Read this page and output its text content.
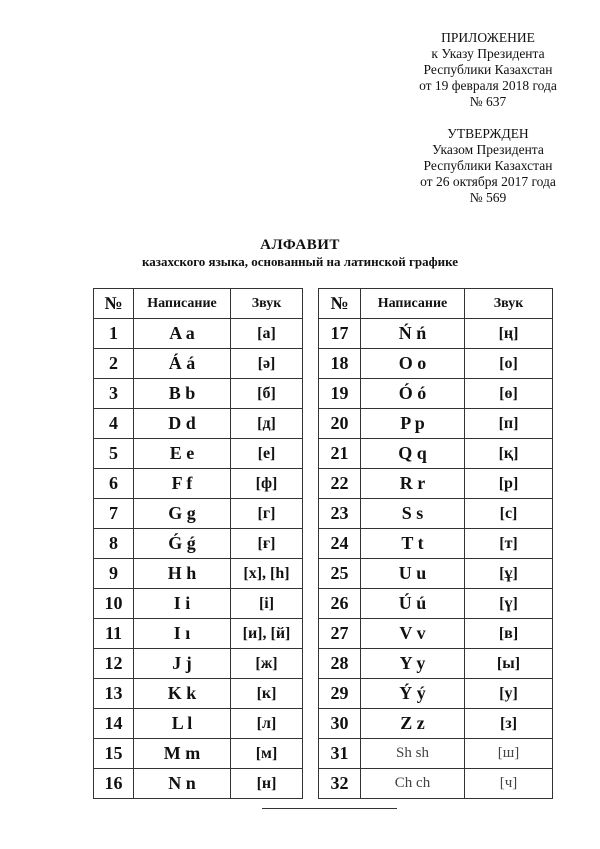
ПРИЛОЖЕНИЕ
к Указу Президента
Республики Казахстан
от 19 февраля 2018 года
№ 637
УТВЕРЖДЕН
Указом Президента
Республики Казахстан
от 26 октября 2017 года
№ 569
АЛФАВИТ
казахского языка, основанный на латинской графике
№	Написание	Звук
1	A a	[а]
2	Á á	[ә]
3	B b	[б]
4	D d	[д]
5	E e	[е]
6	F f	[ф]
7	G g	[г]
8	Ǵ ǵ	[ғ]
9	H h	[х], [h]
10	I i	[і]
11	I ı	[и], [й]
12	J j	[ж]
13	K k	[к]
14	L l	[л]
15	M m	[м]
16	N n	[н]
№	Написание	Звук
17	Ń ń	[ң]
18	O o	[о]
19	Ó ó	[ө]
20	P p	[п]
21	Q q	[қ]
22	R r	[р]
23	S s	[с]
24	T t	[т]
25	U u	[ұ]
26	Ú ú	[ү]
27	V v	[в]
28	Y y	[ы]
29	Ý ý	[у]
30	Z z	[з]
31	Sh sh	[ш]
32	Ch ch	[ч]
